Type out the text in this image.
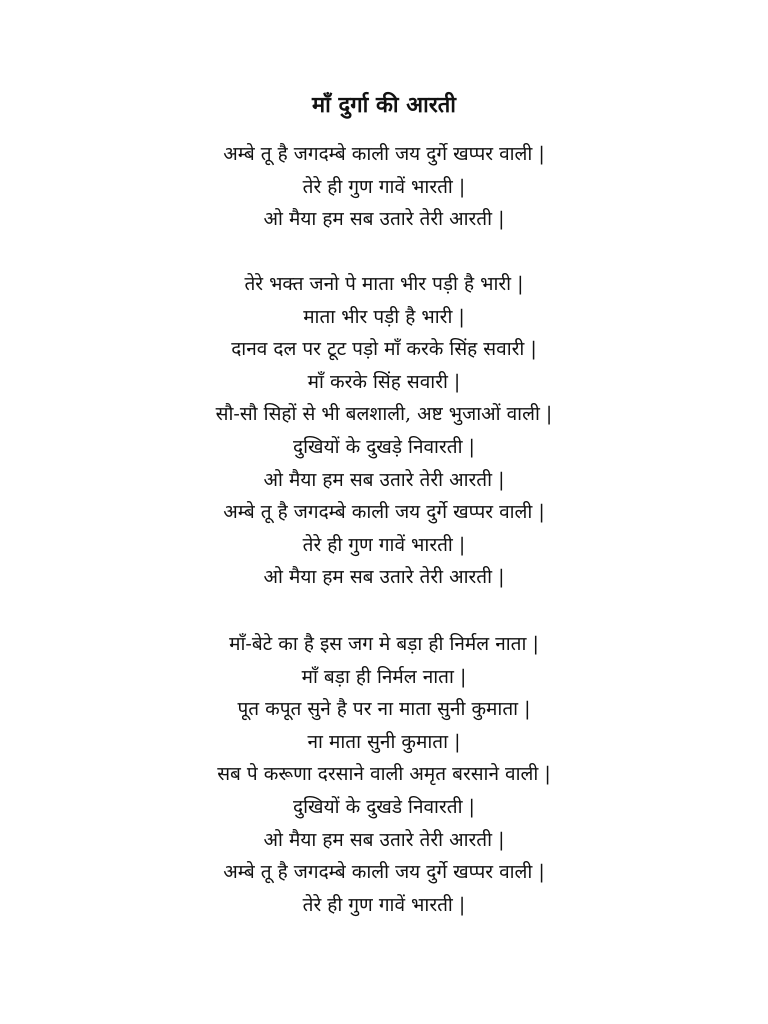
माँ दुर्गा की आरती
अम्बे तू है जगदम्बे काली जय दुर्गे खप्पर वाली |
तेरे ही गुण गावें भारती |
ओ मैया हम सब उतारे तेरी आरती |
तेरे भक्त जनो पे माता भीर पड़ी है भारी |
माता भीर पड़ी है भारी |
दानव दल पर टूट पड़ो माँ करके सिंह सवारी |
माँ करके सिंह सवारी |
सौ-सौ सिहों से भी बलशाली, अष्ट भुजाओं वाली |
दुखियों के दुखड़े निवारती |
ओ मैया हम सब उतारे तेरी आरती |
अम्बे तू है जगदम्बे काली जय दुर्गे खप्पर वाली |
तेरे ही गुण गावें भारती |
ओ मैया हम सब उतारे तेरी आरती |
माँ-बेटे का है इस जग मे बड़ा ही निर्मल नाता |
माँ बड़ा ही निर्मल नाता |
पूत कपूत सुने है पर ना माता सुनी कुमाता |
ना माता सुनी कुमाता |
सब पे करूणा दरसाने वाली अमृत बरसाने वाली |
दुखियों के दुखडे निवारती |
ओ मैया हम सब उतारे तेरी आरती |
अम्बे तू है जगदम्बे काली जय दुर्गे खप्पर वाली |
तेरे ही गुण गावें भारती |
